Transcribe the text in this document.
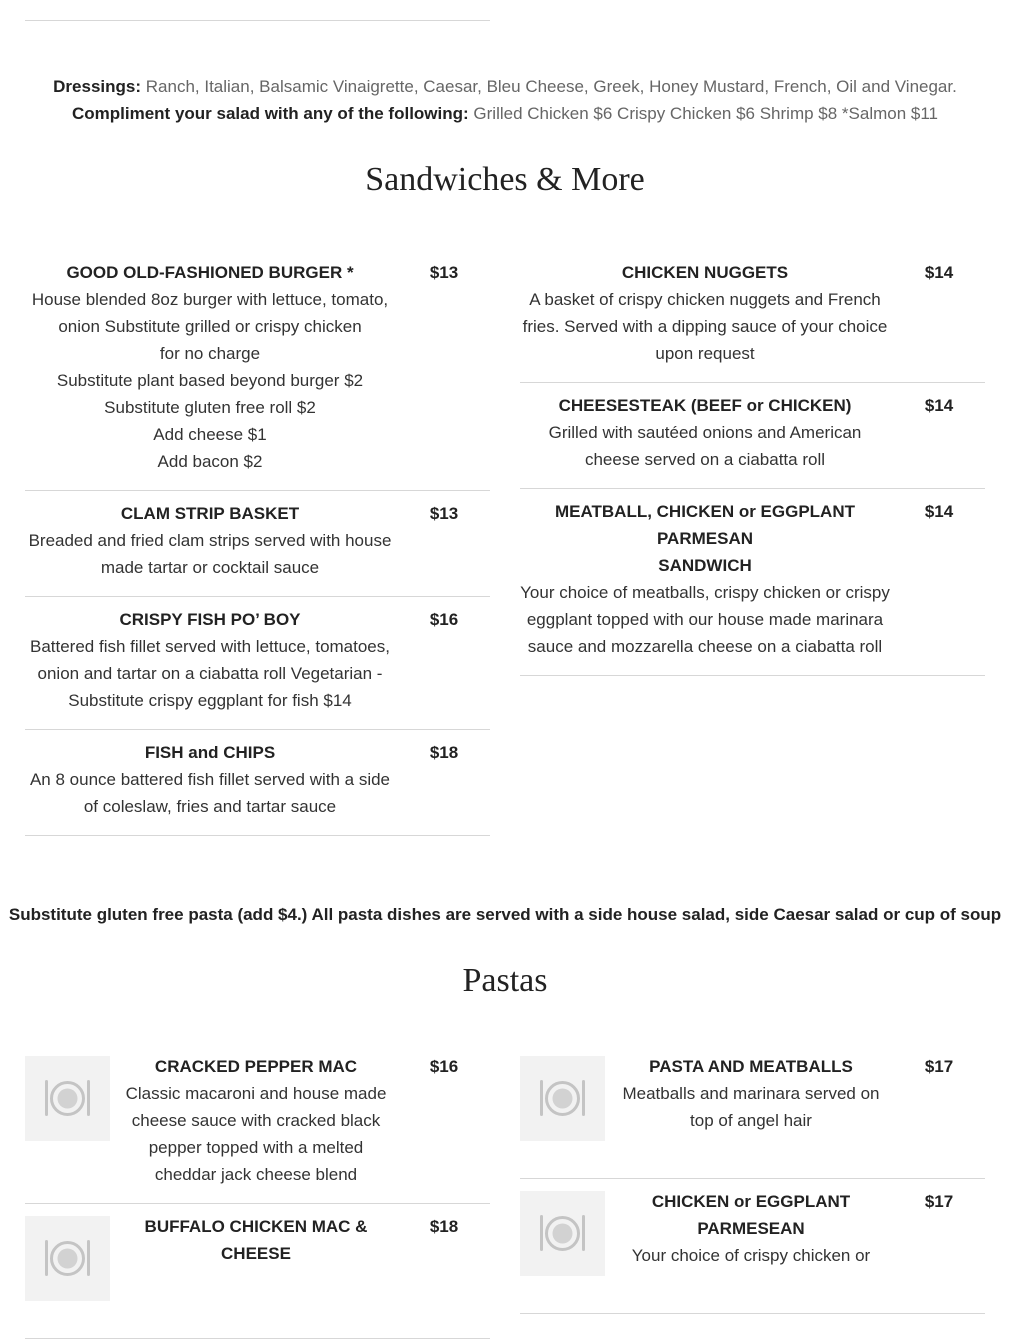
Dressings: Ranch, Italian, Balsamic Vinaigrette, Caesar, Bleu Cheese, Greek, Honey Mustard, French, Oil and Vinegar.
Compliment your salad with any of the following: Grilled Chicken $6 Crispy Chicken $6 Shrimp $8 *Salmon $11
Sandwiches & More
GOOD OLD-FASHIONED BURGER *
House blended 8oz burger with lettuce, tomato,
onion Substitute grilled or crispy chicken
for no charge
Substitute plant based beyond burger $2
Substitute gluten free roll $2
Add cheese $1
Add bacon $2
$13
CLAM STRIP BASKET
Breaded and fried clam strips served with house
made tartar or cocktail sauce
$13
CRISPY FISH PO’ BOY
Battered fish fillet served with lettuce, tomatoes,
onion and tartar on a ciabatta roll Vegetarian -
Substitute crispy eggplant for fish $14
$16
FISH and CHIPS
An 8 ounce battered fish fillet served with a side
of coleslaw, fries and tartar sauce
$18
CHICKEN NUGGETS
A basket of crispy chicken nuggets and French
fries. Served with a dipping sauce of your choice
upon request
$14
CHEESESTEAK (BEEF or CHICKEN)
Grilled with sautéed onions and American
cheese served on a ciabatta roll
$14
MEATBALL, CHICKEN or EGGPLANT PARMESAN
SANDWICH
Your choice of meatballs, crispy chicken or crispy
eggplant topped with our house made marinara
sauce and mozzarella cheese on a ciabatta roll
$14
Substitute gluten free pasta (add $4.) All pasta dishes are served with a side house salad, side Caesar salad or cup of soup
Pastas
CRACKED PEPPER MAC
Classic macaroni and house made
cheese sauce with cracked black
pepper topped with a melted
cheddar jack cheese blend
$16
BUFFALO CHICKEN MAC & CHEESE
$18
PASTA AND MEATBALLS
Meatballs and marinara served on
top of angel hair
$17
CHICKEN or EGGPLANT
PARMESEAN
Your choice of crispy chicken or
$17
